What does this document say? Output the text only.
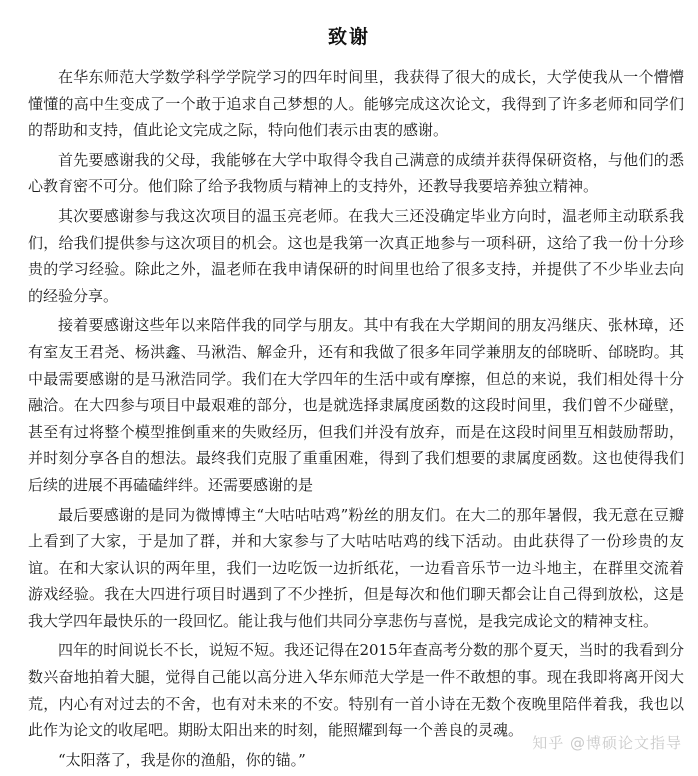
致谢

在华东师范大学数学科学学院学习的四年时间里，我获得了很大的成长，大学使我从一个懵懵懂懂的高中生变成了一个敢于追求自己梦想的人。能够完成这次论文，我得到了许多老师和同学们的帮助和支持，值此论文完成之际，特向他们表示由衷的感谢。

首先要感谢我的父母，我能够在大学中取得令我自己满意的成绩并获得保研资格，与他们的悉心教育密不可分。他们除了给予我物质与精神上的支持外，还教导我要培养独立精神。

其次要感谢参与我这次项目的温玉亮老师。在我大三还没确定毕业方向时，温老师主动联系我们，给我们提供参与这次项目的机会。这也是我第一次真正地参与一项科研，这给了我一份十分珍贵的学习经验。除此之外，温老师在我申请保研的时间里也给了很多支持，并提供了不少毕业去向的经验分享。

接着要感谢这些年以来陪伴我的同学与朋友。其中有我在大学期间的朋友冯继庆、张林璋，还有室友王君尧、杨洪鑫、马湫浩、解金升，还有和我做了很多年同学兼朋友的邰晓昕、邰晓昀。其中最需要感谢的是马湫浩同学。我们在大学四年的生活中或有摩擦，但总的来说，我们相处得十分融洽。在大四参与项目中最艰难的部分，也是就选择隶属度函数的这段时间里，我们曾不少碰壁，甚至有过将整个模型推倒重来的失败经历，但我们并没有放弃，而是在这段时间里互相鼓励帮助，并时刻分享各自的想法。最终我们克服了重重困难，得到了我们想要的隶属度函数。这也使得我们后续的进展不再磕磕绊绊。还需要感谢的是

最后要感谢的是同为微博博主“大咕咕咕鸡”粉丝的朋友们。在大二的那年暑假，我无意在豆瓣上看到了大家，于是加了群，并和大家参与了大咕咕咕鸡的线下活动。由此获得了一份珍贵的友谊。在和大家认识的两年里，我们一边吃饭一边折纸花，一边看音乐节一边斗地主，在群里交流着游戏经验。我在大四进行项目时遇到了不少挫折，但是每次和他们聊天都会让自己得到放松，这是我大学四年最快乐的一段回忆。能让我与他们共同分享悲伤与喜悦，是我完成论文的精神支柱。

四年的时间说长不长，说短不短。我还记得在2015年查高考分数的那个夏天，当时的我看到分数兴奋地拍着大腿，觉得自己能以高分进入华东师范大学是一件不敢想的事。现在我即将离开闵大荒，内心有对过去的不舍，也有对未来的不安。特别有一首小诗在无数个夜晚里陪伴着我，我也以此作为论文的收尾吧。期盼太阳出来的时刻，能照耀到每一个善良的灵魂。

“太阳落了，我是你的渔船，你的锚。”

知乎 @博硕论文指导
